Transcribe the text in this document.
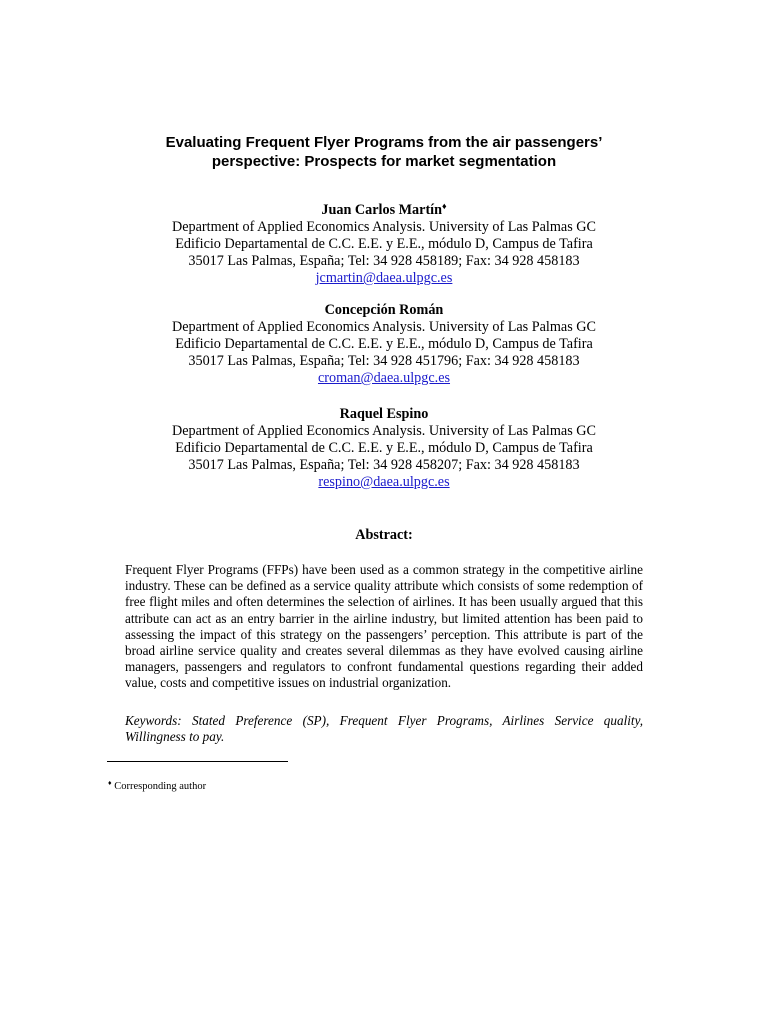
Evaluating Frequent Flyer Programs from the air passengers’
perspective: Prospects for market segmentation
Juan Carlos Martín♦
Department of Applied Economics Analysis. University of Las Palmas GC
Edificio Departamental de C.C. E.E. y E.E., módulo D, Campus de Tafira
35017 Las Palmas, España; Tel: 34 928 458189; Fax: 34 928 458183
jcmartin@daea.ulpgc.es
Concepción Román
Department of Applied Economics Analysis. University of Las Palmas GC
Edificio Departamental de C.C. E.E. y E.E., módulo D, Campus de Tafira
35017 Las Palmas, España; Tel: 34 928 451796; Fax: 34 928 458183
croman@daea.ulpgc.es
Raquel Espino
Department of Applied Economics Analysis. University of Las Palmas GC
Edificio Departamental de C.C. E.E. y E.E., módulo D, Campus de Tafira
35017 Las Palmas, España; Tel: 34 928 458207; Fax: 34 928 458183
respino@daea.ulpgc.es
Abstract:
Frequent Flyer Programs (FFPs) have been used as a common strategy in the competitive airline industry. These can be defined as a service quality attribute which consists of some redemption of free flight miles and often determines the selection of airlines. It has been usually argued that this attribute can act as an entry barrier in the airline industry, but limited attention has been paid to assessing the impact of this strategy on the passengers’ perception. This attribute is part of the broad airline service quality and creates several dilemmas as they have evolved causing airline managers, passengers and regulators to confront fundamental questions regarding their added value, costs and competitive issues on industrial organization.
Keywords: Stated Preference (SP), Frequent Flyer Programs, Airlines Service quality, Willingness to pay.
♦ Corresponding author
